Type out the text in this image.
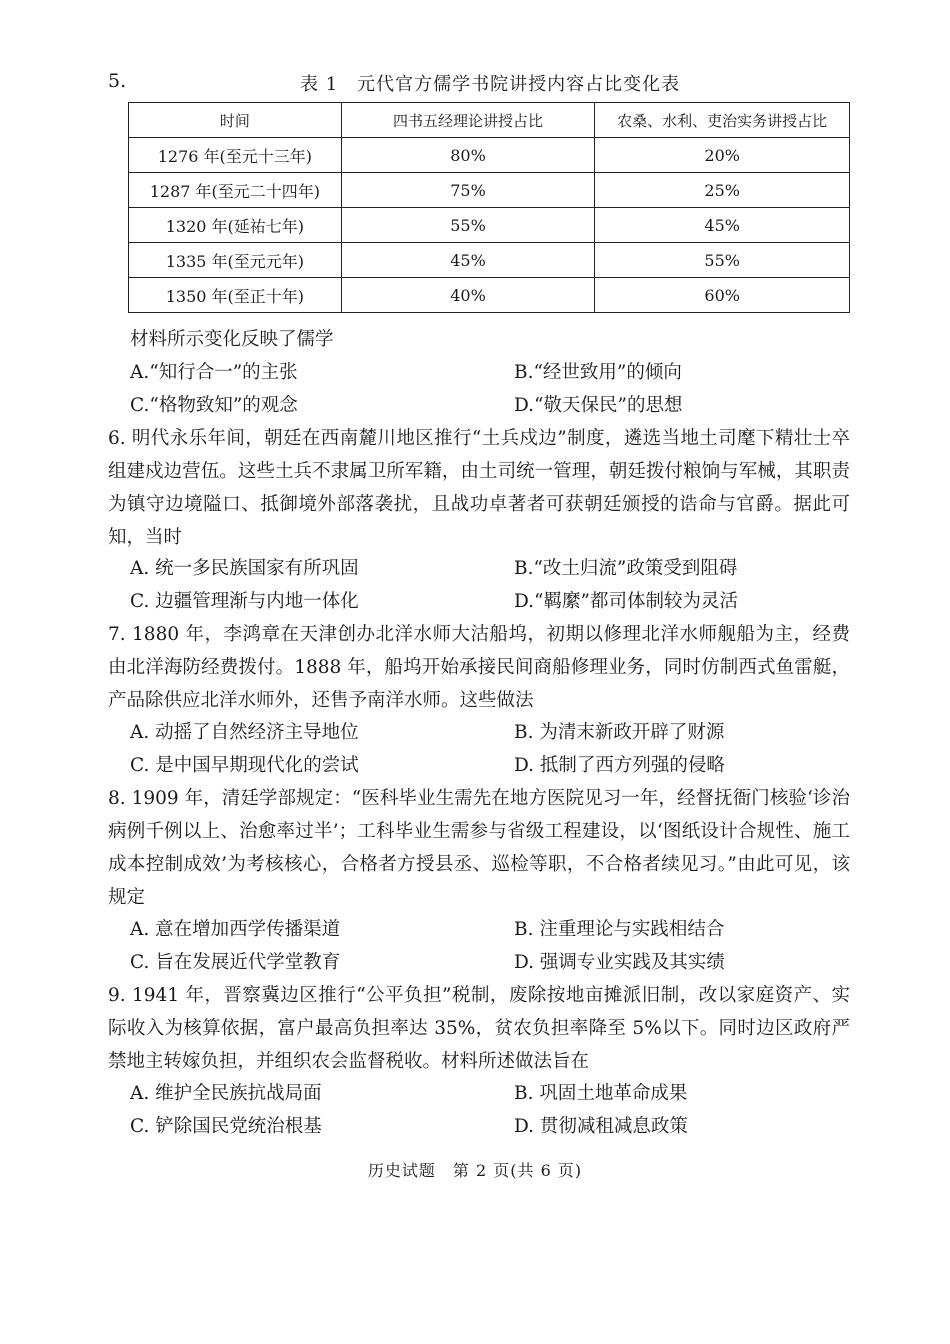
5.	表 1　元代官方儒学书院讲授内容占比变化表
时间	四书五经理论讲授占比	农桑、水利、吏治实务讲授占比
1276 年(至元十三年)	80%	20%
1287 年(至元二十四年)	75%	25%
1320 年(延祐七年)	55%	45%
1335 年(至元元年)	45%	55%
1350 年(至正十年)	40%	60%
材料所示变化反映了儒学
A.“知行合一”的主张	B.“经世致用”的倾向
C.“格物致知”的观念	D.“敬天保民”的思想

6. 明代永乐年间，朝廷在西南麓川地区推行“土兵戍边”制度，遴选当地土司麾下精壮士卒组建戍边营伍。这些土兵不隶属卫所军籍，由土司统一管理，朝廷拨付粮饷与军械，其职责为镇守边境隘口、抵御境外部落袭扰，且战功卓著者可获朝廷颁授的诰命与官爵。据此可知，当时

A. 统一多民族国家有所巩固	B.“改土归流”政策受到阻碍
C. 边疆管理渐与内地一体化	D.“羁縻”都司体制较为灵活

7. 1880 年，李鸿章在天津创办北洋水师大沽船坞，初期以修理北洋水师舰船为主，经费由北洋海防经费拨付。1888 年，船坞开始承接民间商船修理业务，同时仿制西式鱼雷艇，产品除供应北洋水师外，还售予南洋水师。这些做法

A. 动摇了自然经济主导地位	B. 为清末新政开辟了财源
C. 是中国早期现代化的尝试	D. 抵制了西方列强的侵略

8. 1909 年，清廷学部规定：“医科毕业生需先在地方医院见习一年，经督抚衙门核验‘诊治病例千例以上、治愈率过半’；工科毕业生需参与省级工程建设，以‘图纸设计合规性、施工成本控制成效’为考核核心，合格者方授县丞、巡检等职，不合格者续见习。”由此可见，该规定

A. 意在增加西学传播渠道	B. 注重理论与实践相结合
C. 旨在发展近代学堂教育	D. 强调专业实践及其实绩

9. 1941 年，晋察冀边区推行“公平负担”税制，废除按地亩摊派旧制，改以家庭资产、实际收入为核算依据，富户最高负担率达 35%，贫农负担率降至 5%以下。同时边区政府严禁地主转嫁负担，并组织农会监督税收。材料所述做法旨在

A. 维护全民族抗战局面	B. 巩固土地革命成果
C. 铲除国民党统治根基	D. 贯彻减租减息政策
历史试题　第 2 页(共 6 页)
